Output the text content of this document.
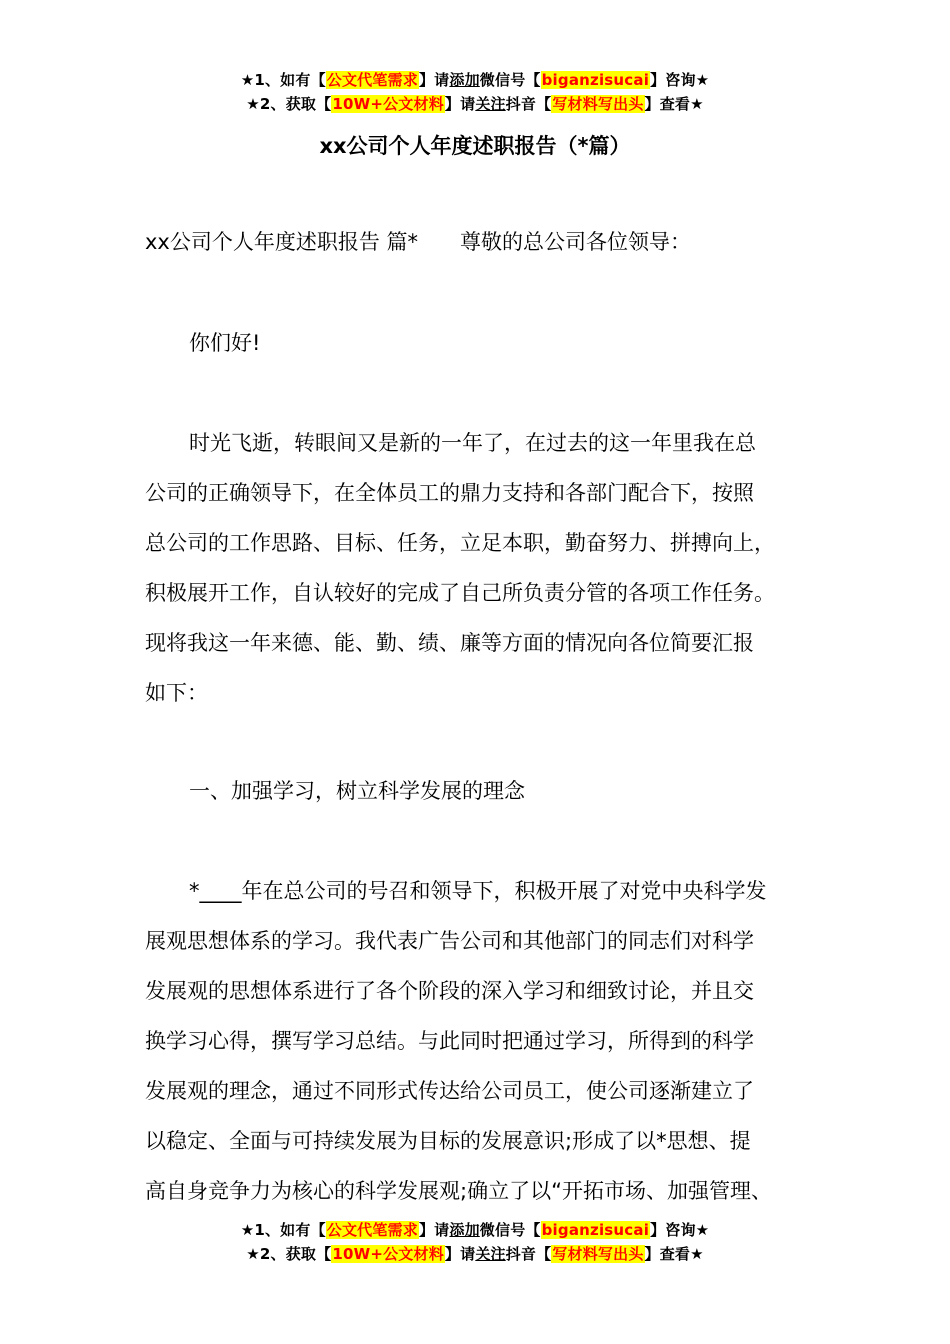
★1、如有【公文代笔需求】请添加微信号【biganzisucai】咨询★
★2、获取【10W+公文材料】请关注抖音【写材料写出头】查看★
xx公司个人年度述职报告（*篇）
xx公司个人年度述职报告 篇*　　尊敬的总公司各位领导：
你们好!
时光飞逝，转眼间又是新的一年了，在过去的这一年里我在总
公司的正确领导下，在全体员工的鼎力支持和各部门配合下，按照
总公司的工作思路、目标、任务，立足本职，勤奋努力、拼搏向上，
积极展开工作，自认较好的完成了自己所负责分管的各项工作任务。
现将我这一年来德、能、勤、绩、廉等方面的情况向各位简要汇报
如下：
一、加强学习，树立科学发展的理念
*____年在总公司的号召和领导下，积极开展了对党中央科学发
展观思想体系的学习。我代表广告公司和其他部门的同志们对科学
发展观的思想体系进行了各个阶段的深入学习和细致讨论，并且交
换学习心得，撰写学习总结。与此同时把通过学习，所得到的科学
发展观的理念，通过不同形式传达给公司员工，使公司逐渐建立了
以稳定、全面与可持续发展为目标的发展意识;形成了以*思想、提
高自身竞争力为核心的科学发展观;确立了以“开拓市场、加强管理、
★1、如有【公文代笔需求】请添加微信号【biganzisucai】咨询★
★2、获取【10W+公文材料】请关注抖音【写材料写出头】查看★
